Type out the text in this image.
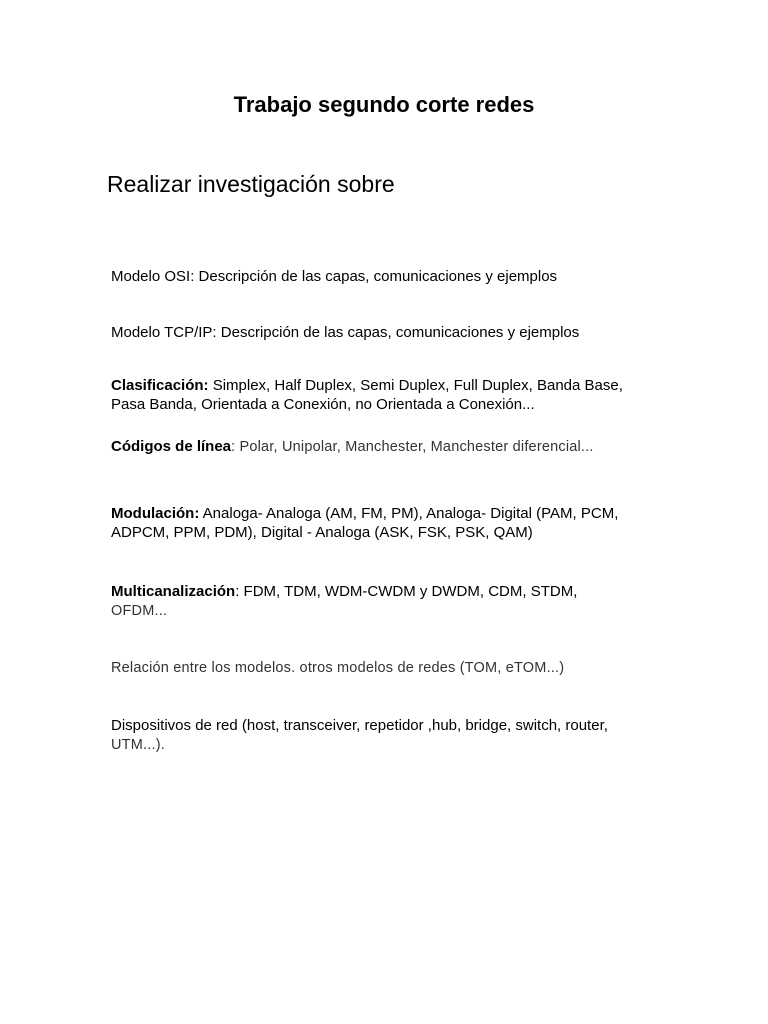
Trabajo segundo corte redes
Realizar investigación sobre
Modelo OSI: Descripción de las capas, comunicaciones y ejemplos
Modelo TCP/IP: Descripción de las capas, comunicaciones y ejemplos
Clasificación: Simplex, Half Duplex, Semi Duplex, Full Duplex, Banda Base, Pasa Banda, Orientada a Conexión, no Orientada a Conexión...
Códigos de línea: Polar, Unipolar, Manchester, Manchester diferencial...
Modulación: Analoga- Analoga (AM, FM, PM), Analoga- Digital (PAM, PCM, ADPCM, PPM, PDM), Digital - Analoga (ASK, FSK, PSK, QAM)
Multicanalización: FDM, TDM, WDM-CWDM y DWDM, CDM, STDM,
OFDM...
Relación entre los modelos. otros modelos de redes (TOM, eTOM...)
Dispositivos de red (host, transceiver, repetidor ,hub, bridge, switch, router,
UTM...).
